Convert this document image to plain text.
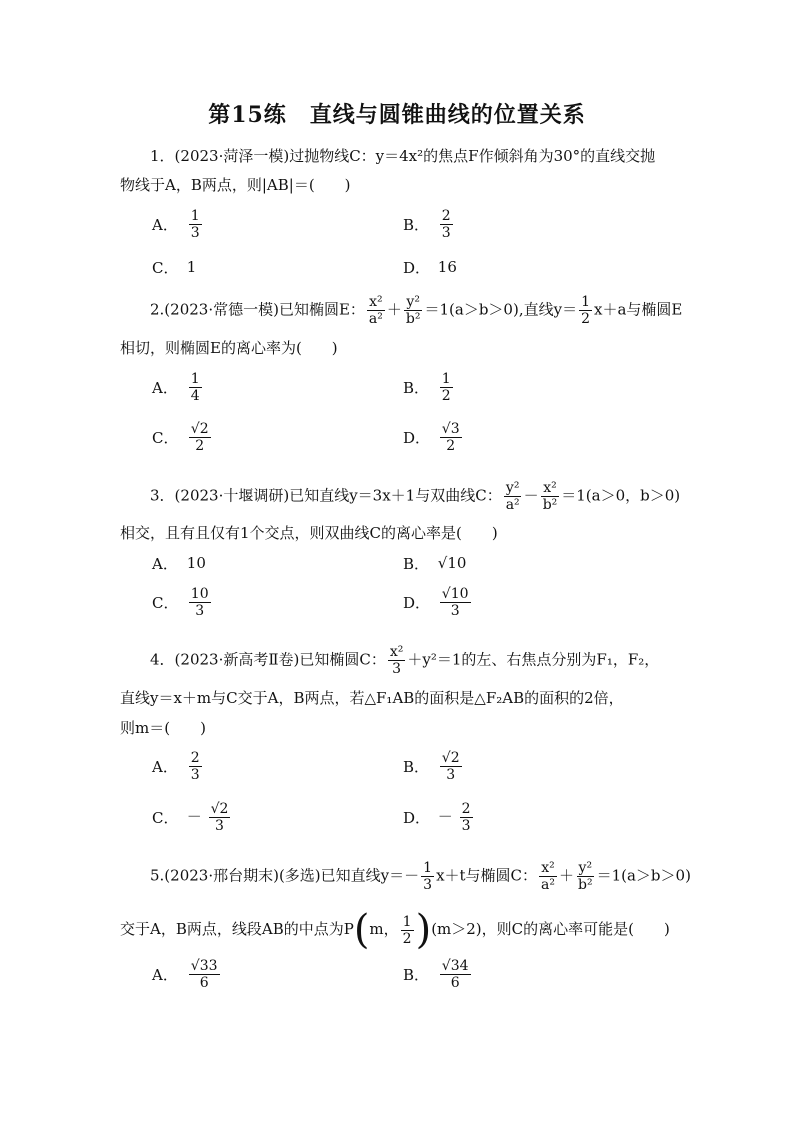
第15练　直线与圆锥曲线的位置关系
1．(2023·菏泽一模)过抛物线C：y＝4x²的焦点F作倾斜角为30°的直线交抛
物线于A，B两点，则|AB|＝(　　)
A． $\frac{1}{3}$	B． $\frac{2}{3}$
C． 1	D． 16
2.(2023·常德一模)已知椭圆E： $\frac{\text{x²}}{\text{a²}} + \frac{\text{y²}}{\text{b²}} =1(a>b>0)$,直线$y= \frac{1}{2} x+a$与椭圆E
相切，则椭圆E的离心率为(　　)
A． $\frac{1}{4}$	B． $\frac{1}{2}$
C． $\frac{√2}{2}$	D． $\frac{√3}{2}$
3．(2023·十堰调研)已知直线y＝3x＋1与双曲线C： $\frac{\text{y²}}{\text{a²}} - \frac{\text{x²}}{\text{b²}} =1(a>0$，b＞0)
相交，且有且仅有1个交点，则双曲线C的离心率是(　　)
A． 10	B． √10
C． $\frac{10}{3}$	D． $\frac{√10}{3}$
4．(2023·新高考Ⅱ卷)已知椭圆C： $\frac{\text{x²}}{3} +y^2=1$的左、右焦点分别为F₁，F₂，
直线y＝x＋m与C交于A，B两点，若△F₁AB的面积是△F₂AB的面积的2倍，
则m＝(　　)
A． $\frac{2}{3}$	B． $\frac{√2}{3}$
C． － $\frac{√2}{3}$	D． － $\frac{2}{3}$
5.(2023·邢台期末)(多选)已知直线$y=- \frac{1}{3} x+t$与椭圆C： $\frac{\text{x²}}{\text{a²}} + \frac{\text{y²}}{\text{b²}} =1(a>b>0)$
交于A，B两点，线段AB的中点为P(m， $\frac{1}{2} )(m>2)$，则C的离心率可能是(　　)
A． $\frac{√33}{6}$	B． $\frac{√34}{6}$
